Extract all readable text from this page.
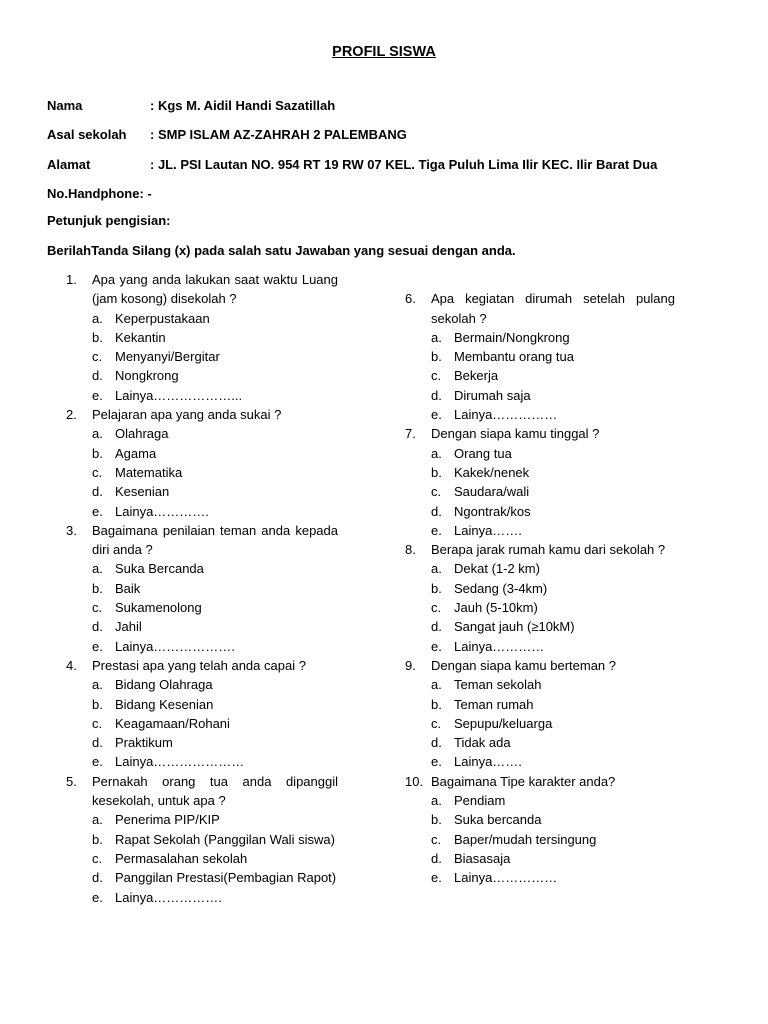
PROFIL SISWA
Nama	: Kgs M. Aidil Handi Sazatillah
Asal sekolah : SMP ISLAM AZ-ZAHRAH 2 PALEMBANG
Alamat	: JL. PSI Lautan NO. 954 RT 19 RW 07 KEL. Tiga Puluh Lima Ilir KEC. Ilir Barat Dua
No.Handphone: -
Petunjuk pengisian:
BerilahTanda Silang (x) pada salah satu Jawaban yang sesuai dengan anda.
1.	Apa yang anda lakukan saat waktu Luang (jam kosong) disekolah ?
a. Keperpustakaan
b. Kekantin
c. Menyanyi/Bergitar
d. Nongkrong
e. Lainya………………...
2.	Pelajaran apa yang anda sukai ?
a. Olahraga
b. Agama
c. Matematika
d. Kesenian
e. Lainya………….
3.	Bagaimana penilaian teman anda kepada diri anda ?
a. Suka Bercanda
b. Baik
c. Sukamenolong
d. Jahil
e. Lainya……………….
4.	Prestasi apa yang telah anda capai ?
a. Bidang Olahraga
b. Bidang Kesenian
c. Keagamaan/Rohani
d. Praktikum
e. Lainya…………………
5.	Pernakah orang tua anda dipanggil kesekolah, untuk apa ?
a. Penerima PIP/KIP
b. Rapat Sekolah (Panggilan Wali siswa)
c. Permasalahan sekolah
d. Panggilan Prestasi(Pembagian Rapot)
e. Lainya…………….
6.	Apa kegiatan dirumah setelah pulang sekolah ?
a. Bermain/Nongkrong
b. Membantu orang tua
c. Bekerja
d. Dirumah saja
e. Lainya……………
7.	Dengan siapa kamu tinggal ?
a. Orang tua
b. Kakek/nenek
c. Saudara/wali
d. Ngontrak/kos
e. Lainya…….
8.	Berapa jarak rumah kamu dari sekolah ?
a. Dekat (1-2 km)
b. Sedang (3-4km)
c. Jauh (5-10km)
d. Sangat jauh (≥10kM)
e. Lainya…………
9.	Dengan siapa kamu berteman ?
a. Teman sekolah
b. Teman rumah
c. Sepupu/keluarga
d. Tidak ada
e. Lainya…….
10. Bagaimana Tipe karakter anda?
a. Pendiam
b. Suka bercanda
c. Baper/mudah tersingung
d. Biasasaja
e. Lainya……………
